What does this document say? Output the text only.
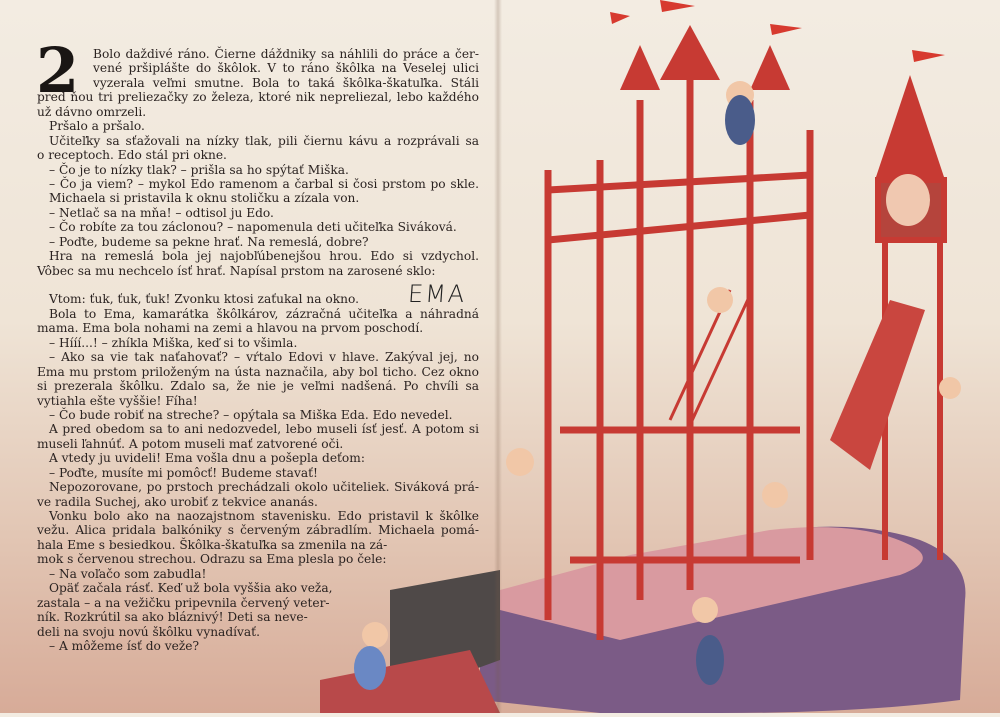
2
EMA
Bolo daždivé ráno. Čierne dáždniky sa náhlili do práce a čer-
vené pršiplášte do škôlok. V to ráno škôlka na Veselej ulici
vyzerala veľmi smutne. Bola to taká škôlka-škatuľka. Stáli
pred ňou tri preliezačky zo železa, ktoré nik nepreliezal, lebo každého
už dávno omrzeli.
Pršalo a pršalo.
Učiteľky sa sťažovali na nízky tlak, pili čiernu kávu a rozprávali sa
o receptoch. Edo stál pri okne.
– Čo je to nízky tlak? – prišla sa ho spýtať Miška.
– Čo ja viem? – mykol Edo ramenom a čarbal si čosi prstom po skle.
Michaela si pristavila k oknu stoličku a zízala von.
– Netlač sa na mňa! – odtisol ju Edo.
– Čo robíte za tou záclonou? – napomenula deti učiteľka Siváková.
– Poďte, budeme sa pekne hrať. Na remeslá, dobre?
Hra na remeslá bola jej najobľúbenejšou hrou. Edo si vzdychol.
Vôbec sa mu nechcelo ísť hrať. Napísal prstom na zarosené sklo:
Vtom: ťuk, ťuk, ťuk! Zvonku ktosi zaťukal na okno.
Bola to Ema, kamarátka škôlkárov, zázračná učiteľka a náhradná
mama. Ema bola nohami na zemi a hlavou na prvom poschodí.
– Hííí...! – zhíkla Miška, keď si to všimla.
– Ako sa vie tak naťahovať? – vŕtalo Edovi v hlave. Zakýval jej, no
Ema mu prstom priloženým na ústa naznačila, aby bol ticho. Cez okno
si prezerala škôlku. Zdalo sa, že nie je veľmi nadšená. Po chvíli sa
vytiahla ešte vyššie! Fíha!
– Čo bude robiť na streche? – opýtala sa Miška Eda. Edo nevedel.
A pred obedom sa to ani nedozvedel, lebo museli ísť jesť. A potom si
museli ľahnúť. A potom museli mať zatvorené oči.
A vtedy ju uvideli! Ema vošla dnu a pošepla deťom:
– Poďte, musíte mi pomôcť! Budeme stavať!
Nepozorovane, po prstoch prechádzali okolo učiteliek. Siváková prá-
ve radila Suchej, ako urobiť z tekvice ananás.
Vonku bolo ako na naozajstnom stavenisku. Edo pristavil k škôlke
vežu. Alica pridala balkóniky s červeným zábradlím. Michaela pomá-
hala Eme s besiedkou. Škôlka-škatuľka sa zmenila na zá-
mok s červenou strechou. Odrazu sa Ema plesla po čele:
– Na voľačo som zabudla!
Opäť začala rásť. Keď už bola vyššia ako veža,
zastala – a na vežičku pripevnila červený veter-
ník. Rozkrútil sa ako bláznivý! Deti sa neve-
deli na svoju novú škôlku vynadívať.
– A môžeme ísť do veže?
